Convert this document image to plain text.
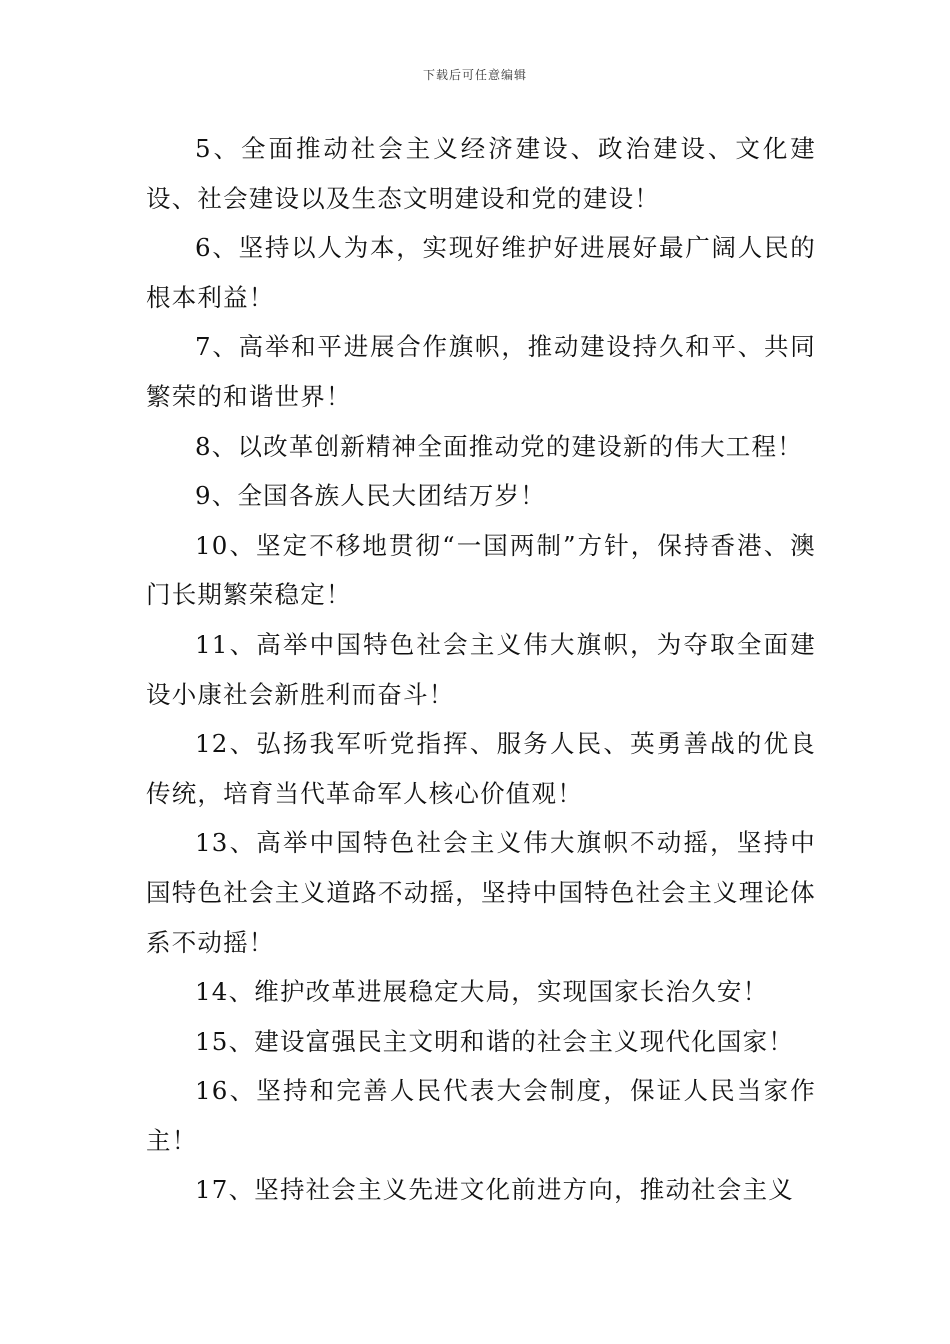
下载后可任意编辑

5、全面推动社会主义经济建设、政治建设、文化建设、社会建设以及生态文明建设和党的建设！

6、坚持以人为本，实现好维护好进展好最广阔人民的根本利益！

7、高举和平进展合作旗帜，推动建设持久和平、共同繁荣的和谐世界！

8、以改革创新精神全面推动党的建设新的伟大工程！

9、全国各族人民大团结万岁！

10、坚定不移地贯彻“一国两制”方针，保持香港、澳门长期繁荣稳定！

11、高举中国特色社会主义伟大旗帜，为夺取全面建设小康社会新胜利而奋斗！

12、弘扬我军听党指挥、服务人民、英勇善战的优良传统，培育当代革命军人核心价值观！

13、高举中国特色社会主义伟大旗帜不动摇，坚持中国特色社会主义道路不动摇，坚持中国特色社会主义理论体系不动摇！

14、维护改革进展稳定大局，实现国家长治久安！

15、建设富强民主文明和谐的社会主义现代化国家！

16、坚持和完善人民代表大会制度，保证人民当家作主！

17、坚持社会主义先进文化前进方向，推动社会主义
